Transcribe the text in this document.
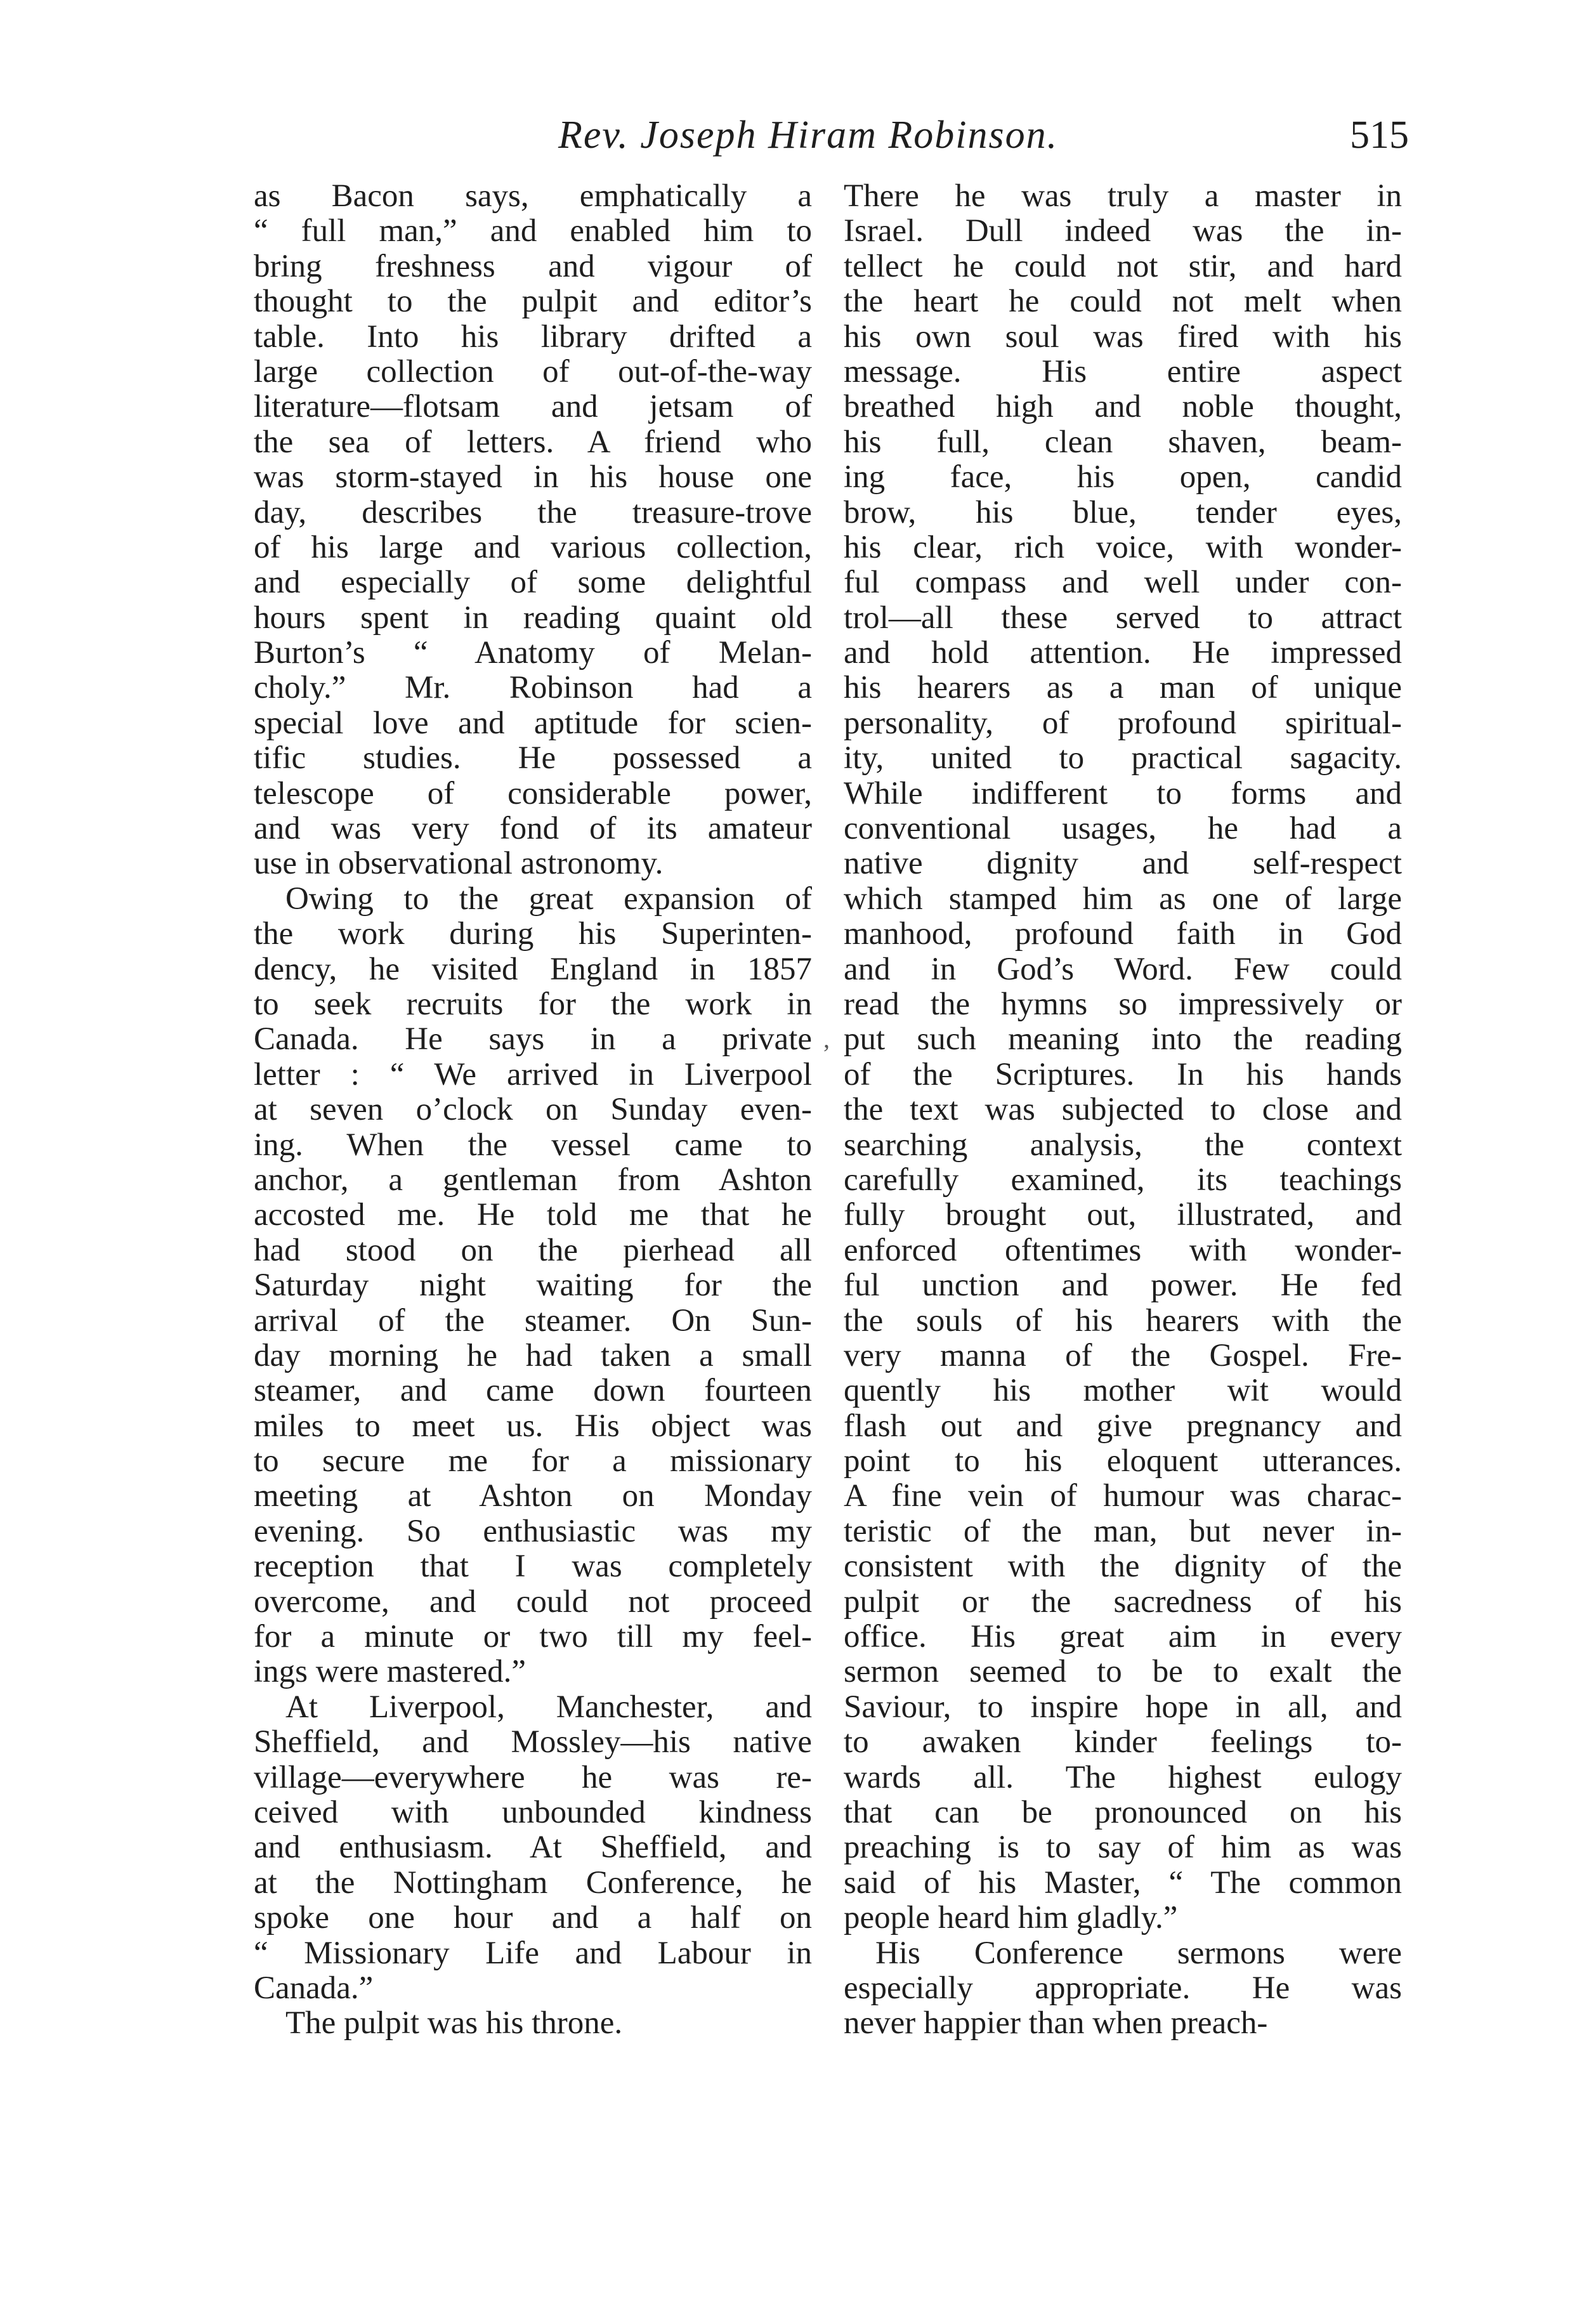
Rev. Joseph Hiram Robinson.	515
as Bacon says, emphatically a
“ full man,” and enabled him to
bring freshness and vigour of
thought to the pulpit and editor’s
table. Into his library drifted a
large collection of out-of-the-way
literature—flotsam and jetsam of
the sea of letters. A friend who
was storm-stayed in his house one
day, describes the treasure-trove
of his large and various collection,
and especially of some delightful
hours spent in reading quaint old
Burton’s “ Anatomy of Melan-
choly.” Mr. Robinson had a
special love and aptitude for scien-
tific studies. He possessed a
telescope of considerable power,
and was very fond of its amateur
use in observational astronomy.
Owing to the great expansion of
the work during his Superinten-
dency, he visited England in 1857
to seek recruits for the work in
Canada. He says in a private
letter : “ We arrived in Liverpool
at seven o’clock on Sunday even-
ing. When the vessel came to
anchor, a gentleman from Ashton
accosted me. He told me that he
had stood on the pierhead all
Saturday night waiting for the
arrival of the steamer. On Sun-
day morning he had taken a small
steamer, and came down fourteen
miles to meet us. His object was
to secure me for a missionary
meeting at Ashton on Monday
evening. So enthusiastic was my
reception that I was completely
overcome, and could not proceed
for a minute or two till my feel-
ings were mastered.”
At Liverpool, Manchester, and
Sheffield, and Mossley—his native
village—everywhere he was re-
ceived with unbounded kindness
and enthusiasm. At Sheffield, and
at the Nottingham Conference, he
spoke one hour and a half on
“ Missionary Life and Labour in
Canada.”
The pulpit was his throne.
There he was truly a master in
Israel. Dull indeed was the in-
tellect he could not stir, and hard
the heart he could not melt when
his own soul was fired with his
message. His entire aspect
breathed high and noble thought,
his full, clean shaven, beam-
ing face, his open, candid
brow, his blue, tender eyes,
his clear, rich voice, with wonder-
ful compass and well under con-
trol—all these served to attract
and hold attention. He impressed
his hearers as a man of unique
personality, of profound spiritual-
ity, united to practical sagacity.
While indifferent to forms and
conventional usages, he had a
native dignity and self-respect
which stamped him as one of large
manhood, profound faith in God
and in God’s Word. Few could
read the hymns so impressively or
put such meaning into the reading
of the Scriptures. In his hands
the text was subjected to close and
searching analysis, the context
carefully examined, its teachings
fully brought out, illustrated, and
enforced oftentimes with wonder-
ful unction and power. He fed
the souls of his hearers with the
very manna of the Gospel. Fre-
quently his mother wit would
flash out and give pregnancy and
point to his eloquent utterances.
A fine vein of humour was charac-
teristic of the man, but never in-
consistent with the dignity of the
pulpit or the sacredness of his
office. His great aim in every
sermon seemed to be to exalt the
Saviour, to inspire hope in all, and
to awaken kinder feelings to-
wards all. The highest eulogy
that can be pronounced on his
preaching is to say of him as was
said of his Master, “ The common
people heard him gladly.”
His Conference sermons were
especially appropriate. He was
never happier than when preach-
,
